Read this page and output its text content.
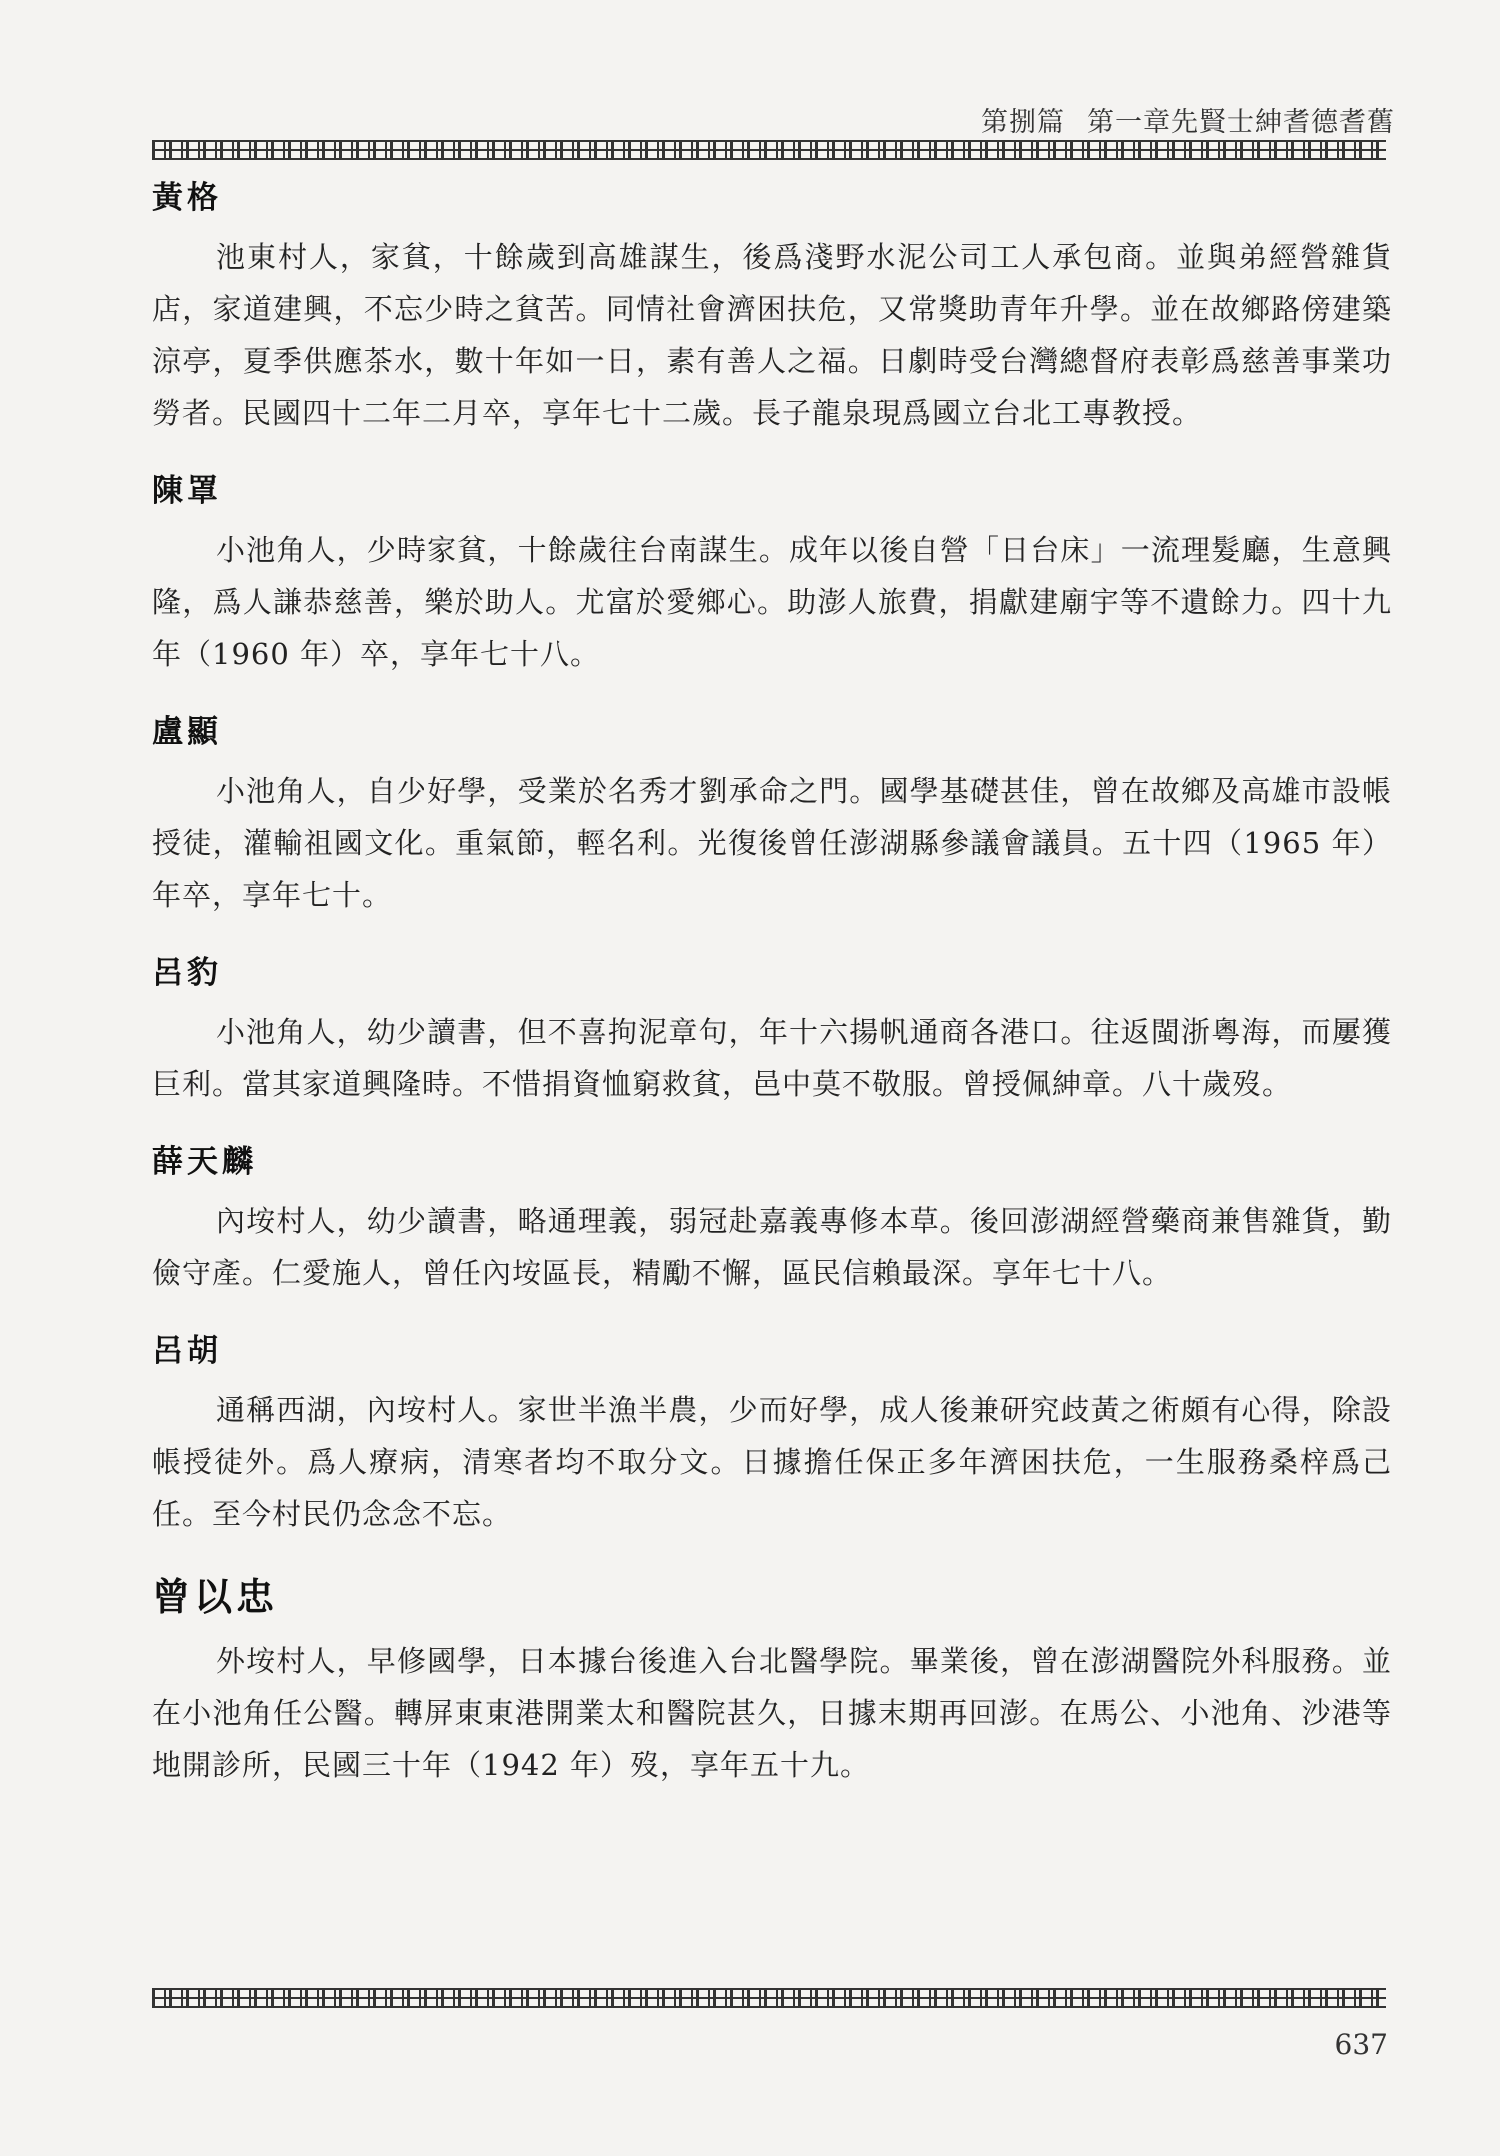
第捌篇 第一章先賢士紳耆德耆舊
黃格

池東村人，家貧，十餘歲到高雄謀生，後爲淺野水泥公司工人承包商。並與弟經營雜貨店，家道建興，不忘少時之貧苦。同情社會濟困扶危，又常獎助青年升學。並在故鄉路傍建築涼亭，夏季供應茶水，數十年如一日，素有善人之福。日劇時受台灣總督府表彰爲慈善事業功勞者。民國四十二年二月卒，享年七十二歲。長子龍泉現爲國立台北工專教授。

陳罩

小池角人，少時家貧，十餘歲往台南謀生。成年以後自營「日台床」一流理髮廳，生意興隆，爲人謙恭慈善，樂於助人。尤富於愛鄉心。助澎人旅費，捐獻建廟宇等不遺餘力。四十九年（1960 年）卒，享年七十八。

盧顯

小池角人，自少好學，受業於名秀才劉承命之門。國學基礎甚佳，曾在故鄉及高雄市設帳授徒，灌輸祖國文化。重氣節，輕名利。光復後曾任澎湖縣參議會議員。五十四（1965 年）年卒，享年七十。

呂豹

小池角人，幼少讀書，但不喜拘泥章句，年十六揚帆通商各港口。往返閩浙粵海，而屢獲巨利。當其家道興隆時。不惜捐資恤窮救貧，邑中莫不敬服。曾授佩紳章。八十歲歿。

薛天麟

內垵村人，幼少讀書，略通理義，弱冠赴嘉義專修本草。後回澎湖經營藥商兼售雜貨，勤儉守產。仁愛施人，曾任內垵區長，精勵不懈，區民信賴最深。享年七十八。

呂胡

通稱西湖，內垵村人。家世半漁半農，少而好學，成人後兼研究歧黃之術頗有心得，除設帳授徒外。爲人療病，清寒者均不取分文。日據擔任保正多年濟困扶危，一生服務桑梓爲己任。至今村民仍念念不忘。

曾以忠

外垵村人，早修國學，日本據台後進入台北醫學院。畢業後，曾在澎湖醫院外科服務。並在小池角任公醫。轉屏東東港開業太和醫院甚久，日據末期再回澎。在馬公、小池角、沙港等地開診所，民國三十年（1942 年）歿，享年五十九。

637
